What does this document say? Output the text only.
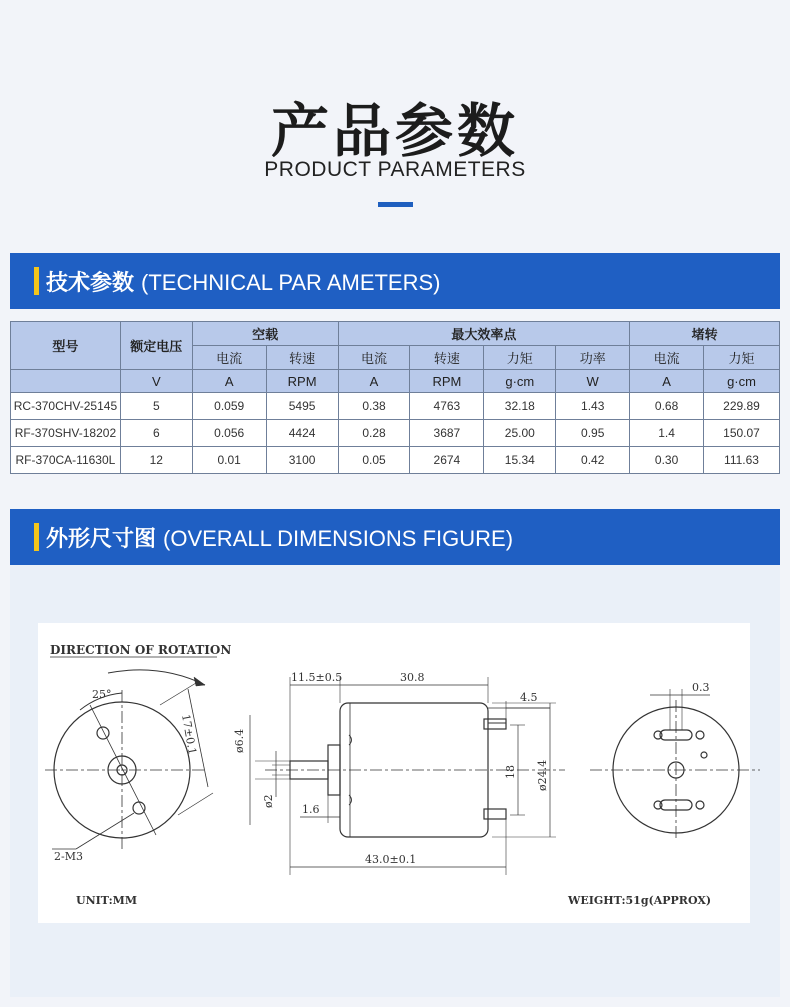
产品参数
PRODUCT PARAMETERS
技术参数 (TECHNICAL PAR AMETERS)
型号	额定电压	空载		最大效率点				堵转	
		电流	转速	电流	转速	力矩	功率	电流	力矩
	V	A	RPM	A	RPM	g·cm	W	A	g·cm
RC-370CHV-25145	5	0.059	5495	0.38	4763	32.18	1.43	0.68	229.89
RF-370SHV-18202	6	0.056	4424	0.28	3687	25.00	0.95	1.4	150.07
RF-370CA-11630L	12	0.01	3100	0.05	2674	15.34	0.42	0.30	111.63
外形尺寸图 (OVERALL DIMENSIONS FIGURE)
DIRECTION OF ROTATION
25°
17±0.1
2-M3
ø6.4
ø2
11.5±0.5	30.8
4.5
18 ø24.4
1.6
43.0±0.1
0.3
UNIT:MM	WEIGHT:51g(APPROX)
